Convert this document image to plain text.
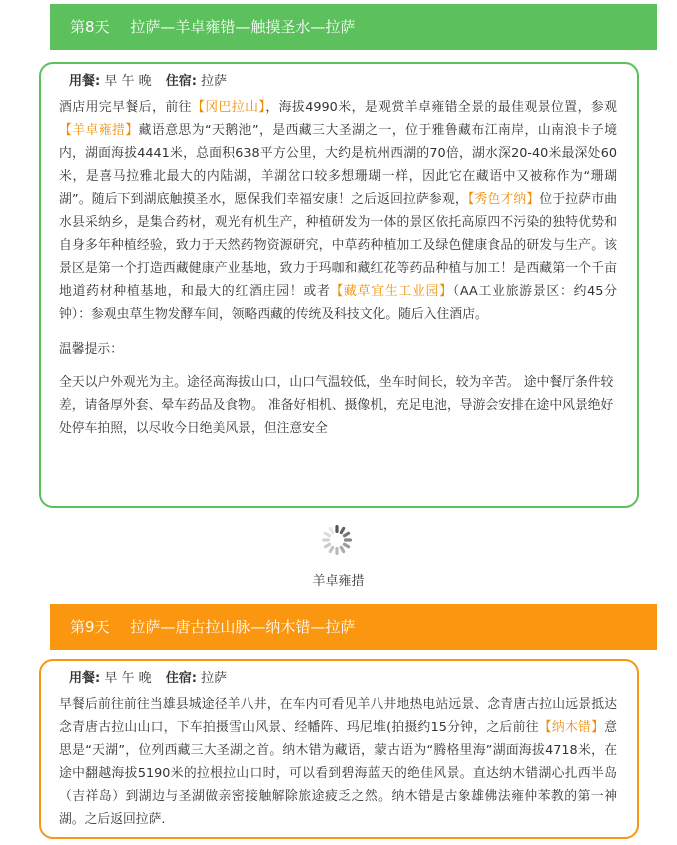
第8天 拉萨—羊卓雍错—触摸圣水—拉萨
用餐: 早 午 晚 住宿: 拉萨
酒店用完早餐后，前往【冈巴拉山】，海拔4990米，是观赏羊卓雍错全景的最佳观景位置，参观【羊卓雍措】藏语意思为“天鹅池”，是西藏三大圣湖之一，位于雅鲁藏布江南岸，山南浪卡子境内，湖面海拔4441米，总面积638平方公里，大约是杭州西湖的70倍，湖水深20-40米最深处60米，是喜马拉雅北最大的内陆湖，羊湖岔口较多想珊瑚一样，因此它在藏语中又被称作为“珊瑚湖”。随后下到湖底触摸圣水，愿保我们幸福安康！之后返回拉萨参观，【秀色才纳】位于拉萨市曲水县采纳乡，是集合药材，观光有机生产，种植研发为一体的景区依托高原四不污染的独特优势和自身多年种植经验，致力于天然药物资源研究，中草药种植加工及绿色健康食品的研发与生产。该景区是第一个打造西藏健康产业基地，致力于玛咖和藏红花等药品种植与加工！是西藏第一个千亩地道药材种植基地，和最大的红酒庄园！或者【藏草宜生工业园】（AA工业旅游景区：约45分钟）：参观虫草生物发酵车间，领略西藏的传统及科技文化。随后入住酒店。
温馨提示：
全天以户外观光为主。途径高海拔山口，山口气温较低，坐车时间长，较为辛苦。 途中餐厅条件较差，请备厚外套、晕车药品及食物。 准备好相机、摄像机，充足电池，导游会安排在途中风景绝好处停车拍照，以尽收今日绝美风景，但注意安全
羊卓雍措
第9天 拉萨—唐古拉山脉—纳木错—拉萨
用餐: 早 午 晚 住宿: 拉萨
早餐后前往前往当雄县城途径羊八井，在车内可看见羊八井地热电站远景、念青唐古拉山远景抵达念青唐古拉山山口，下车拍摄雪山风景、经幡阵、玛尼堆(拍摄约15分钟，之后前往【纳木错】意思是“天湖”，位列西藏三大圣湖之首。纳木错为藏语，蒙古语为“腾格里海”湖面海拔4718米，在途中翻越海拔5190米的拉根拉山口时，可以看到碧海蓝天的绝佳风景。直达纳木错湖心扎西半岛（吉祥岛）到湖边与圣湖做亲密接触解除旅途疲乏之然。纳木错是古象雄佛法雍仲苯教的第一神湖。之后返回拉萨.
